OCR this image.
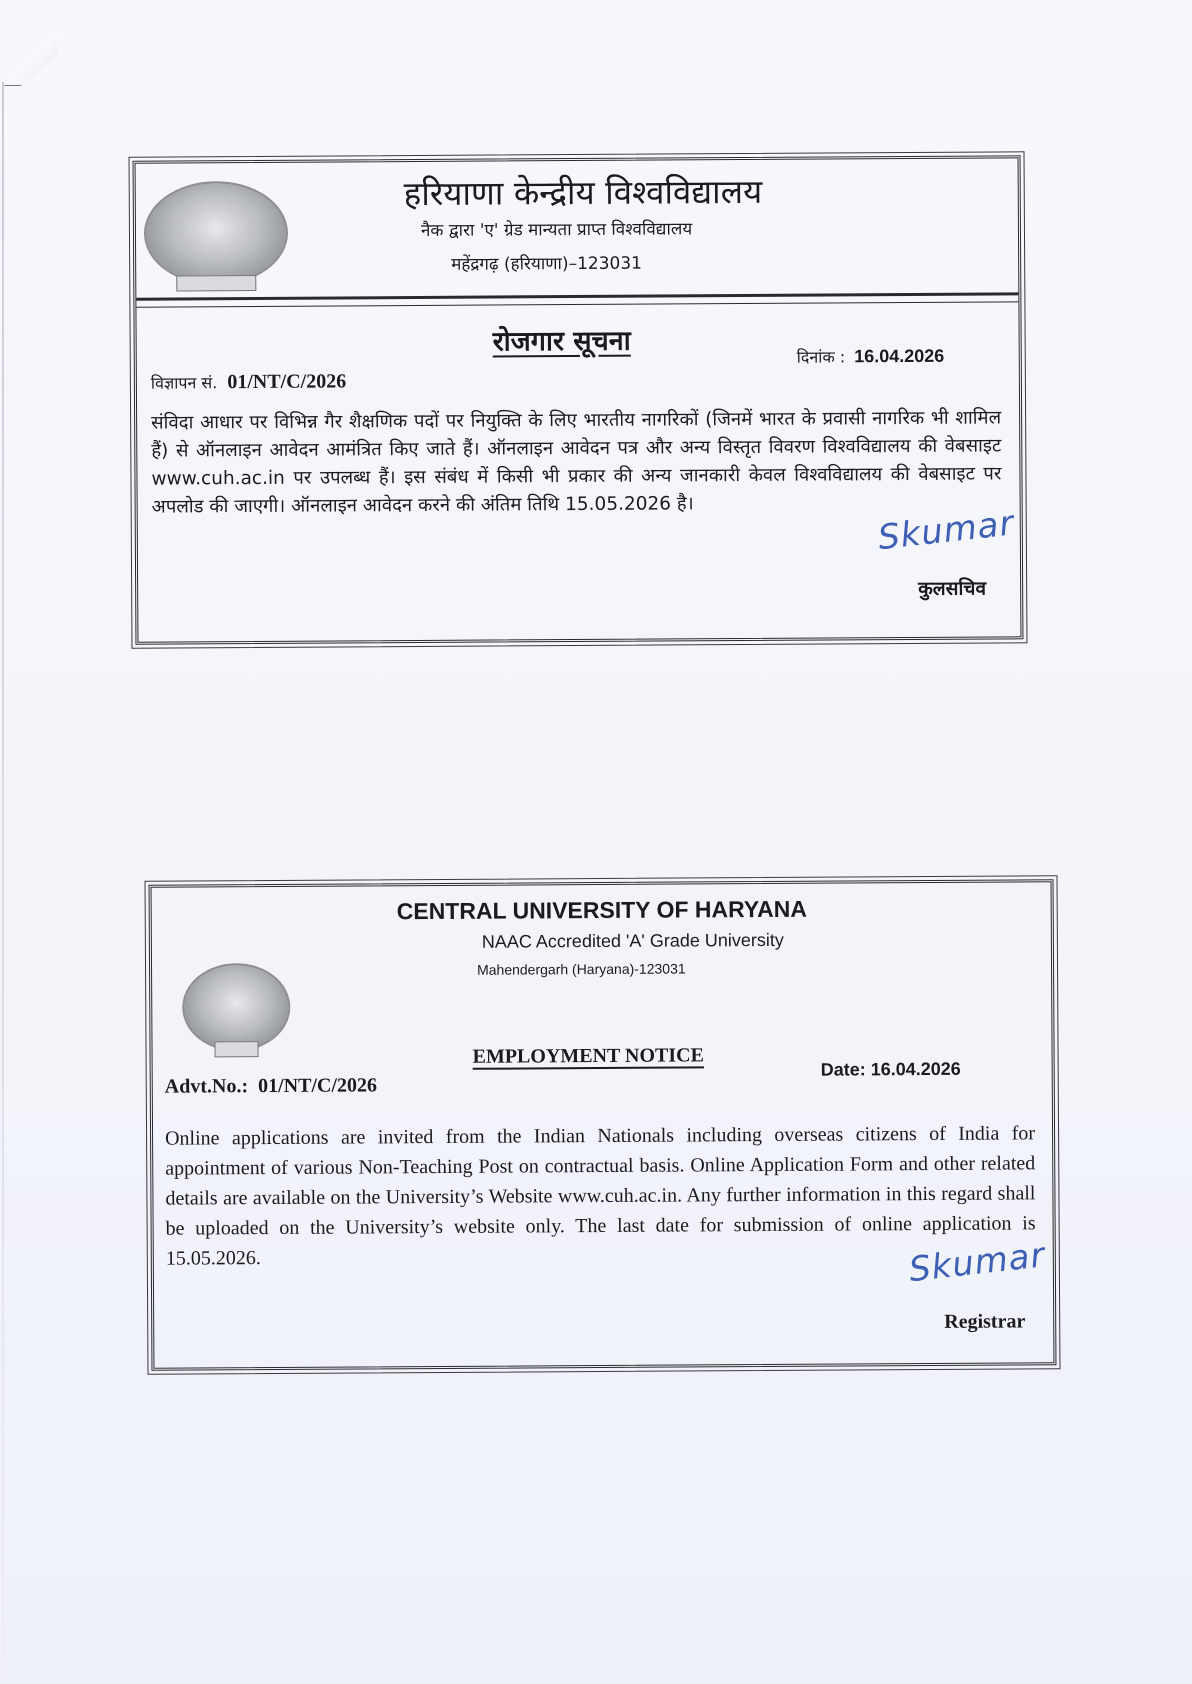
हरियाणा केन्द्रीय विश्वविद्यालय
नैक द्वारा 'ए' ग्रेड मान्यता प्राप्त विश्वविद्यालय
महेंद्रगढ़ (हरियाणा)–123031
रोजगार सूचना
विज्ञापन सं. 01/NT/C/2026
दिनांक : 16.04.2026
संविदा आधार पर विभिन्न गैर शैक्षणिक पदों पर नियुक्ति के लिए भारतीय नागरिकों (जिनमें भारत के प्रवासी नागरिक भी शामिल हैं) से ऑनलाइन आवेदन आमंत्रित किए जाते हैं। ऑनलाइन आवेदन पत्र और अन्य विस्तृत विवरण विश्वविद्यालय की वेबसाइट www.cuh.ac.in पर उपलब्ध हैं। इस संबंध में किसी भी प्रकार की अन्य जानकारी केवल विश्वविद्यालय की वेबसाइट पर अपलोड की जाएगी। ऑनलाइन आवेदन करने की अंतिम तिथि 15.05.2026 है।	Skumar
कुलसचिव
CENTRAL UNIVERSITY OF HARYANA
NAAC Accredited 'A' Grade University
Mahendergarh (Haryana)-123031
EMPLOYMENT NOTICE
Advt.No.: 01/NT/C/2026
Date: 16.04.2026
Online applications are invited from the Indian Nationals including overseas citizens of India for appointment of various Non-Teaching Post on contractual basis. Online Application Form and other related details are available on the University’s Website www.cuh.ac.in. Any further information in this regard shall be uploaded on the University’s website only. The last date for submission of online application is 15.05.2026.	Skumar
Registrar
